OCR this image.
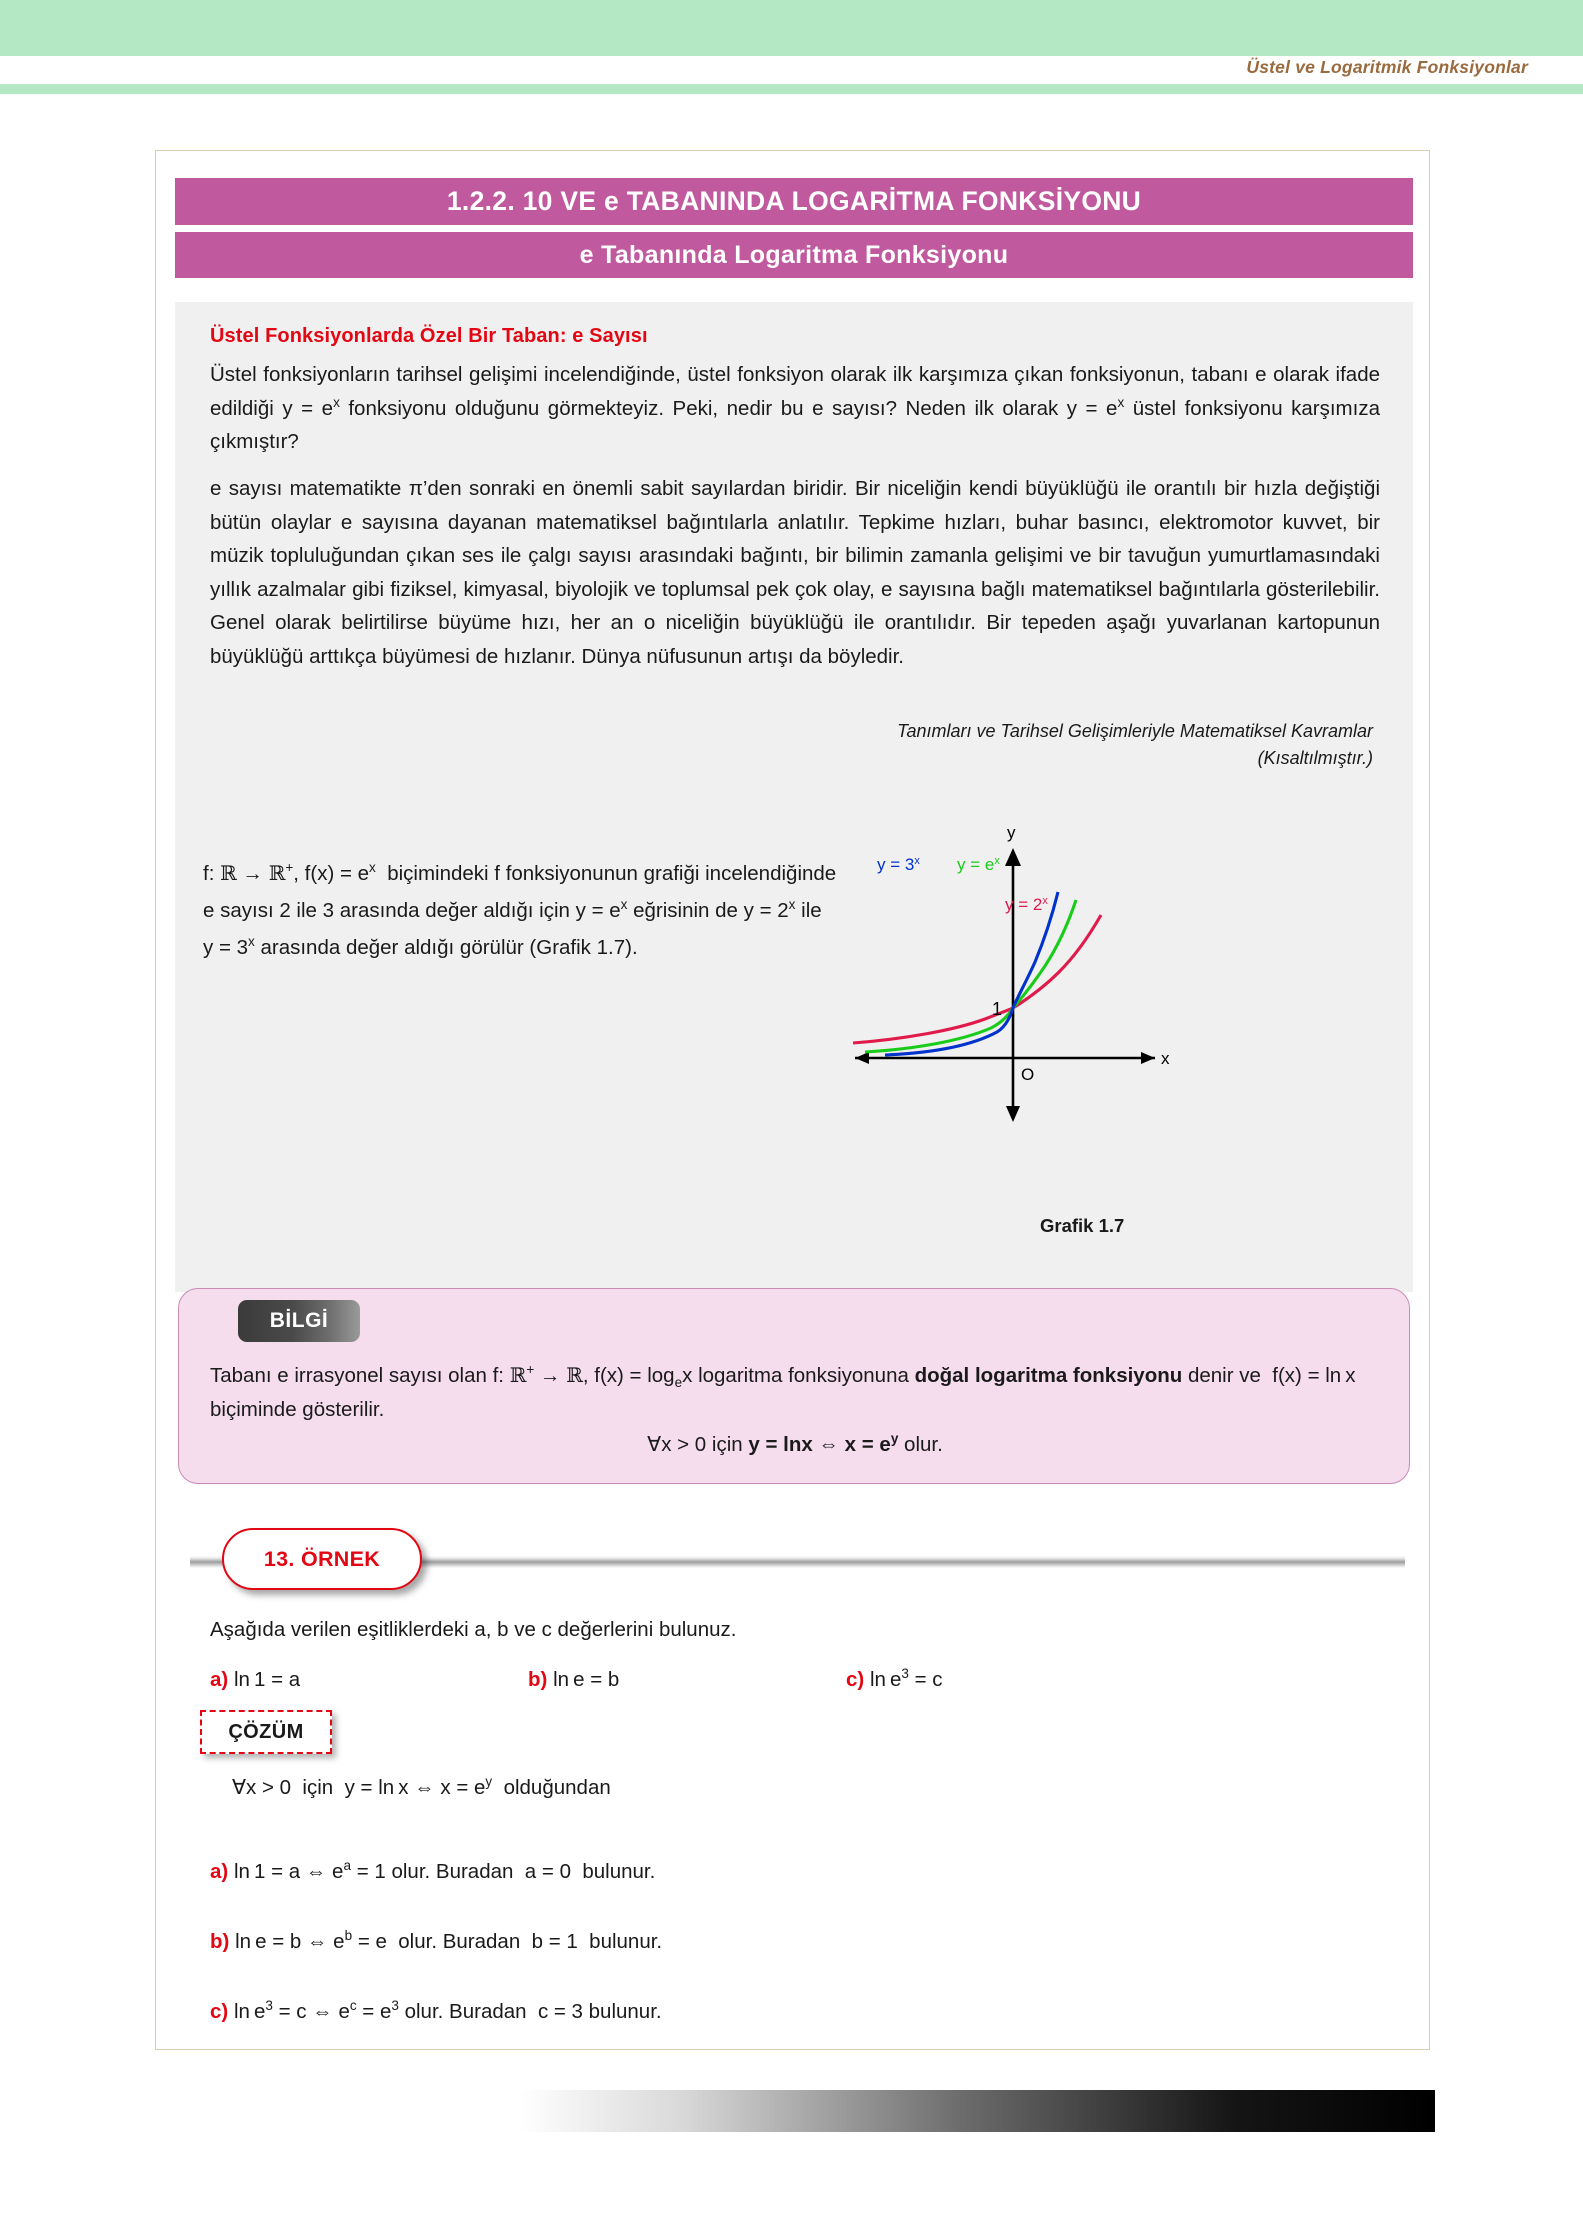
Üstel ve Logaritmik Fonksiyonlar
1.2.2. 10 VE e TABANINDA LOGARİTMA FONKSİYONU
e Tabanında Logaritma Fonksiyonu
Üstel Fonksiyonlarda Özel Bir Taban: e Sayısı
Üstel fonksiyonların tarihsel gelişimi incelendiğinde, üstel fonksiyon olarak ilk karşımıza çıkan fonksiyonun, tabanı e olarak ifade edildiği $y = e^x$ fonksiyonu olduğunu görmekteyiz. Peki, nedir bu e sayısı? Neden ilk olarak $y = e^x$ üstel fonksiyonu karşımıza çıkmıştır?
e sayısı matematikte π’den sonraki en önemli sabit sayılardan biridir. Bir niceliğin kendi büyüklüğü ile orantılı bir hızla değiştiği bütün olaylar e sayısına dayanan matematiksel bağıntılarla anlatılır. Tepkime hızları, buhar basıncı, elektromotor kuvvet, bir müzik topluluğundan çıkan ses ile çalgı sayısı arasındaki bağıntı, bir bilimin zamanla gelişimi ve bir tavuğun yumurtlamasındaki yıllık azalmalar gibi fiziksel, kimyasal, biyolojik ve toplumsal pek çok olay, e sayısına bağlı matematiksel bağıntılarla gösterilebilir. Genel olarak belirtilirse büyüme hızı, her an o niceliğin büyüklüğü ile orantılıdır. Bir tepeden aşağı yuvarlanan kartopunun büyüklüğü arttıkça büyümesi de hızlanır. Dünya nüfusunun artışı da böyledir.
Tanımları ve Tarihsel Gelişimleriyle Matematiksel Kavramlar
(Kısaltılmıştır.)
f: ℝ → ℝ+, $f(x) = e^x$  biçimindeki f fonksiyonunun grafiği incelendiğinde e sayısı 2 ile 3 arasında değer aldığı için $y = e^x$ eğrisinin de $y = 2^x$ ile $y = 3^x$ arasında değer aldığı görülür (Grafik 1.7).
y
x
1
O
$y = 3^x$ $y = e^x$
$y = 2^x$
Grafik 1.7
BİLGİ
Tabanı e irrasyonel sayısı olan f: ℝ+ → ℝ, $f(x) = \log_ex$ logaritma fonksiyonuna doğal logaritma fonksiyonu denir ve  f(x) = ln x  biçiminde gösterilir.
∀x > 0 için y = lnx ⇔ $x = e^y$ olur.
13. ÖRNEK
Aşağıda verilen eşitliklerdeki a, b ve c değerlerini bulunuz.
a) ln 1 = a	b) ln e = b	c) $\ln e^3 = c$
ÇÖZÜM
∀x > 0  için  y = ln x ⇔ $x = e^y$  olduğundan
a) ln 1 = a ⇔ $e^a = 1$ olur. Buradan  a = 0  bulunur.
b) ln e = b ⇔ $e^b = e$  olur. Buradan  b = 1  bulunur.
c) $\ln e^3 = c$ ⇔ $e^c = e^3$ olur. Buradan  c = 3 bulunur.
31
